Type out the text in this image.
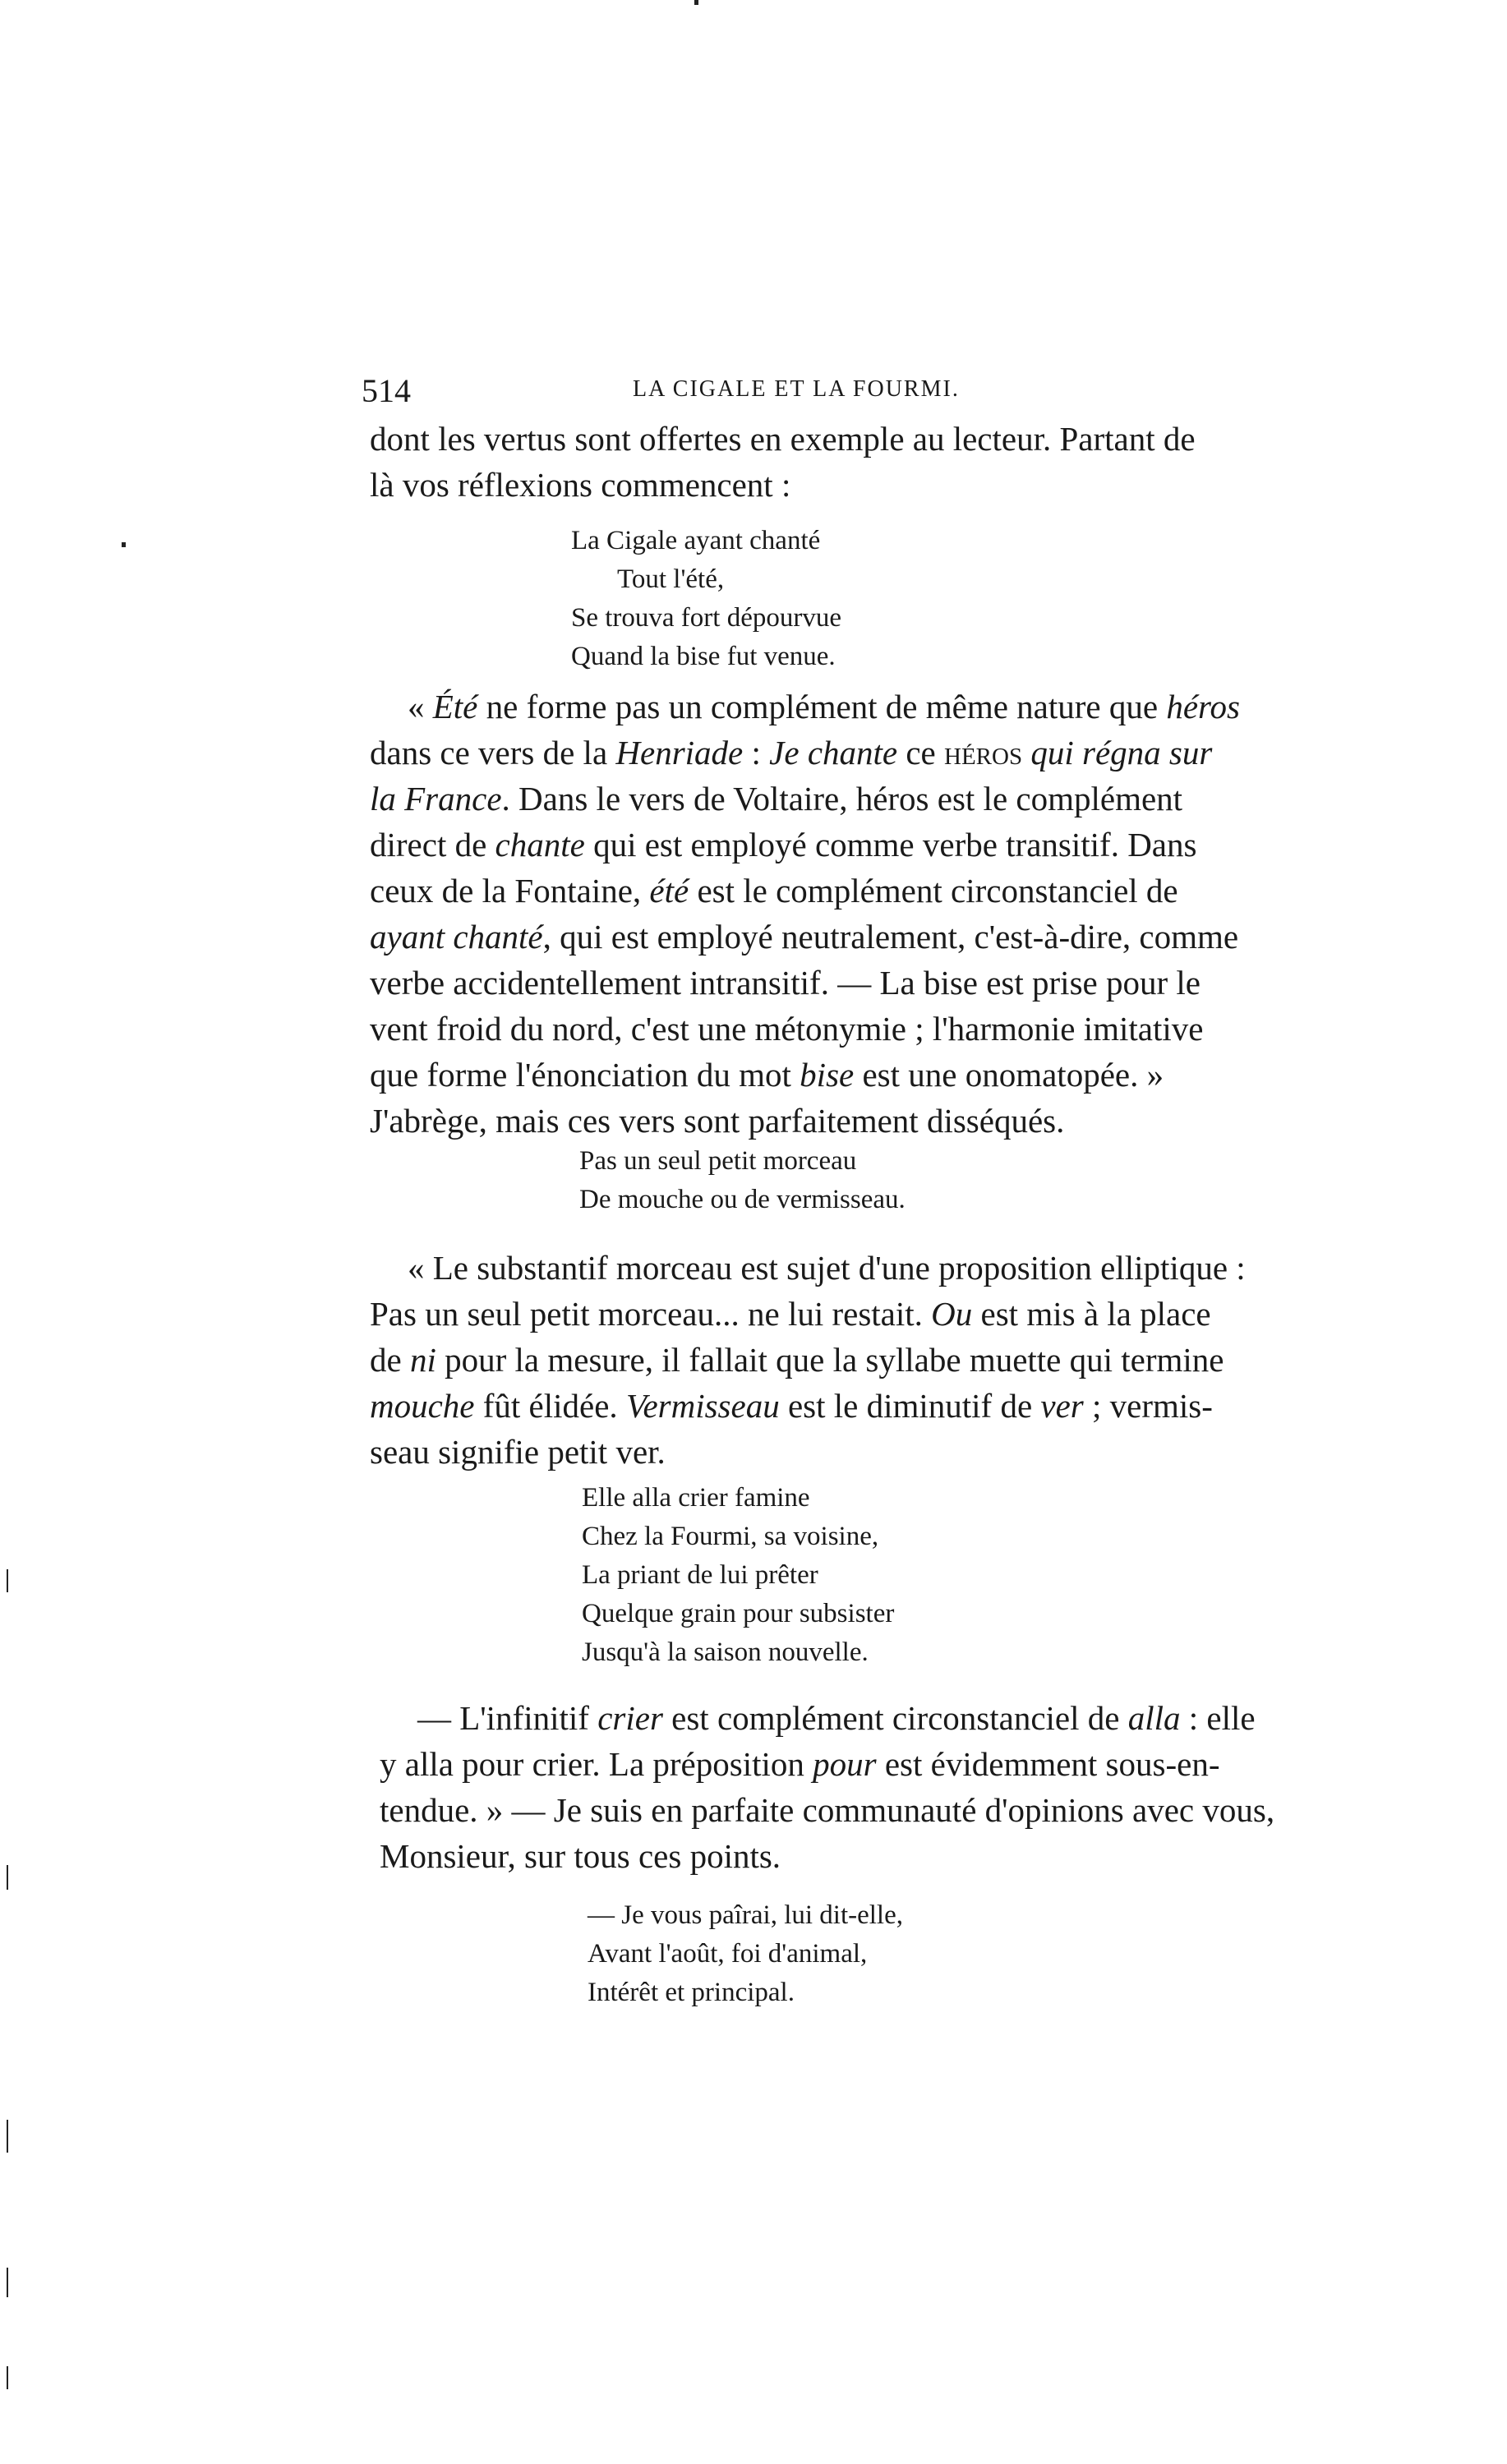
514	LA CIGALE ET LA FOURMI.

dont les vertus sont offertes en exemple au lecteur. Partant de
là vos réflexions commencent :

La Cigale ayant chanté
Tout l'été,
Se trouva fort dépourvue
Quand la bise fut venue.

« Été ne forme pas un complément de même nature que héros
dans ce vers de la Henriade : Je chante ce héros qui régna sur
la France. Dans le vers de Voltaire, héros est le complément
direct de chante qui est employé comme verbe transitif. Dans
ceux de la Fontaine, été est le complément circonstanciel de
ayant chanté, qui est employé neutralement, c'est-à-dire, comme
verbe accidentellement intransitif. — La bise est prise pour le
vent froid du nord, c'est une métonymie ; l'harmonie imitative
que forme l'énonciation du mot bise est une onomatopée. »
J'abrège, mais ces vers sont parfaitement disséqués.

Pas un seul petit morceau
De mouche ou de vermisseau.

« Le substantif morceau est sujet d'une proposition elliptique :
Pas un seul petit morceau... ne lui restait. Ou est mis à la place
de ni pour la mesure, il fallait que la syllabe muette qui termine
mouche fût élidée. Vermisseau est le diminutif de ver ; vermis-
seau signifie petit ver.

Elle alla crier famine
Chez la Fourmi, sa voisine,
La priant de lui prêter
Quelque grain pour subsister
Jusqu'à la saison nouvelle.

— L'infinitif crier est complément circonstanciel de alla : elle
y alla pour crier. La préposition pour est évidemment sous-en-
tendue. » — Je suis en parfaite communauté d'opinions avec vous,
Monsieur, sur tous ces points.

— Je vous paîrai, lui dit-elle,
Avant l'août, foi d'animal,
Intérêt et principal.
